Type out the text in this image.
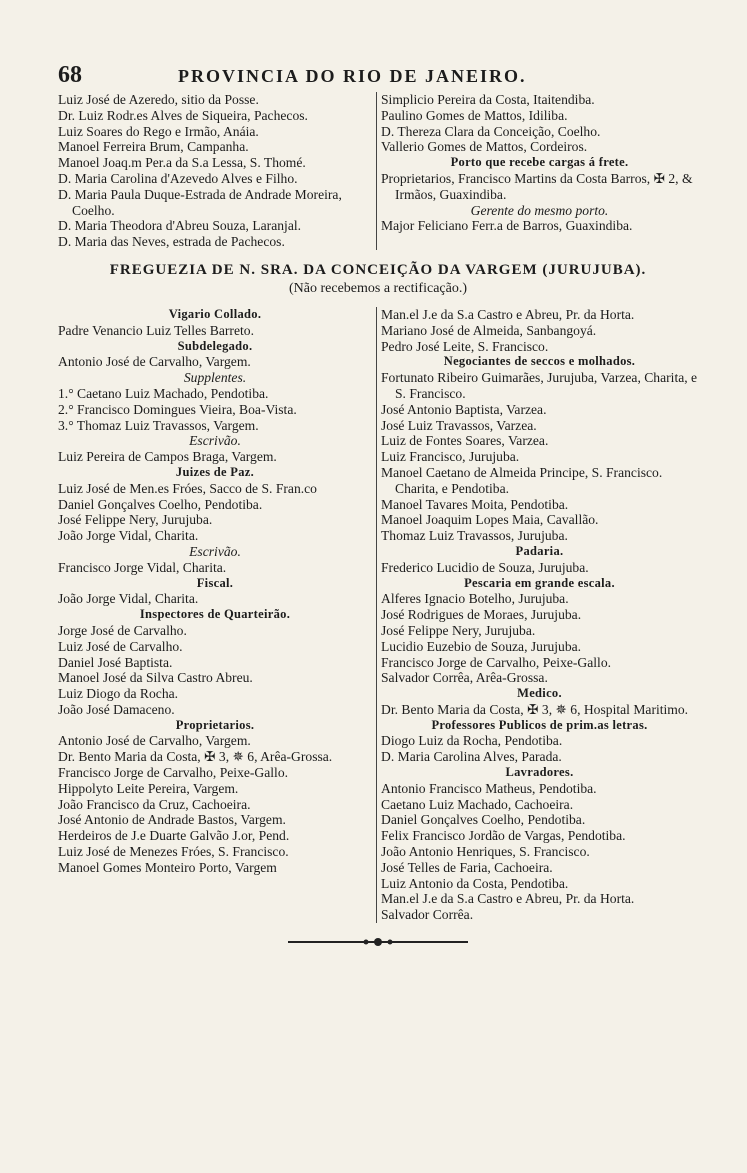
68	PROVINCIA DO RIO DE JANEIRO.
Luiz José de Azeredo, sitio da Posse.
Dr. Luiz Rodr.es Alves de Siqueira, Pachecos.
Luiz Soares do Rego e Irmão, Anáia.
Manoel Ferreira Brum, Campanha.
Manoel Joaq.m Per.a da S.a Lessa, S. Thomé.
D. Maria Carolina d'Azevedo Alves e Filho.
D. Maria Paula Duque-Estrada de Andrade Moreira, Coelho.
D. Maria Theodora d'Abreu Souza, Laranjal.
D. Maria das Neves, estrada de Pachecos.
Simplicio Pereira da Costa, Itaitendiba.
Paulino Gomes de Mattos, Idiliba.
D. Thereza Clara da Conceição, Coelho.
Vallerio Gomes de Mattos, Cordeiros.
Porto que recebe cargas á frete.
Proprietarios, Francisco Martins da Costa Barros, ✠ 2, & Irmãos, Guaxindiba.
Gerente do mesmo porto.
Major Feliciano Ferr.a de Barros, Guaxindiba.
FREGUEZIA DE N. SRA. DA CONCEIÇÃO DA VARGEM (JURUJUBA).
(Não recebemos a rectificação.)
Vigario Collado.
Padre Venancio Luiz Telles Barreto.
Subdelegado.
Antonio José de Carvalho, Vargem.
Supplentes.
1.° Caetano Luiz Machado, Pendotiba.
2.° Francisco Domingues Vieira, Boa-Vista.
3.° Thomaz Luiz Travassos, Vargem.
Escrivão.
Luiz Pereira de Campos Braga, Vargem.
Juizes de Paz.
Luiz José de Men.es Fróes, Sacco de S. Fran.co
Daniel Gonçalves Coelho, Pendotiba.
José Felippe Nery, Jurujuba.
João Jorge Vidal, Charita.
Escrivão.
Francisco Jorge Vidal, Charita.
Fiscal.
João Jorge Vidal, Charita.
Inspectores de Quarteirão.
Jorge José de Carvalho.
Luiz José de Carvalho.
Daniel José Baptista.
Manoel José da Silva Castro Abreu.
Luiz Diogo da Rocha.
João José Damaceno.
Proprietarios.
Antonio José de Carvalho, Vargem.
Dr. Bento Maria da Costa, ✠ 3, ✵ 6, Arêa-Grossa.
Francisco Jorge de Carvalho, Peixe-Gallo.
Hippolyto Leite Pereira, Vargem.
João Francisco da Cruz, Cachoeira.
José Antonio de Andrade Bastos, Vargem.
Herdeiros de J.e Duarte Galvão J.or, Pend.
Luiz José de Menezes Fróes, S. Francisco.
Manoel Gomes Monteiro Porto, Vargem
Man.el J.e da S.a Castro e Abreu, Pr. da Horta.
Mariano José de Almeida, Sanbangoyá.
Pedro José Leite, S. Francisco.
Negociantes de seccos e molhados.
Fortunato Ribeiro Guimarães, Jurujuba, Varzea, Charita, e S. Francisco.
José Antonio Baptista, Varzea.
José Luiz Travassos, Varzea.
Luiz de Fontes Soares, Varzea.
Luiz Francisco, Jurujuba.
Manoel Caetano de Almeida Principe, S. Francisco. Charita, e Pendotiba.
Manoel Tavares Moita, Pendotiba.
Manoel Joaquim Lopes Maia, Cavallão.
Thomaz Luiz Travassos, Jurujuba.
Padaria.
Frederico Lucidio de Souza, Jurujuba.
Pescaria em grande escala.
Alferes Ignacio Botelho, Jurujuba.
José Rodrigues de Moraes, Jurujuba.
José Felippe Nery, Jurujuba.
Lucidio Euzebio de Souza, Jurujuba.
Francisco Jorge de Carvalho, Peixe-Gallo.
Salvador Corrêa, Arêa-Grossa.
Medico.
Dr. Bento Maria da Costa, ✠ 3, ✵ 6, Hospital Maritimo.
Professores Publicos de prim.as letras.
Diogo Luiz da Rocha, Pendotiba.
D. Maria Carolina Alves, Parada.
Lavradores.
Antonio Francisco Matheus, Pendotiba.
Caetano Luiz Machado, Cachoeira.
Daniel Gonçalves Coelho, Pendotiba.
Felix Francisco Jordão de Vargas, Pendotiba.
João Antonio Henriques, S. Francisco.
José Telles de Faria, Cachoeira.
Luiz Antonio da Costa, Pendotiba.
Man.el J.e da S.a Castro e Abreu, Pr. da Horta.
Salvador Corrêa.
